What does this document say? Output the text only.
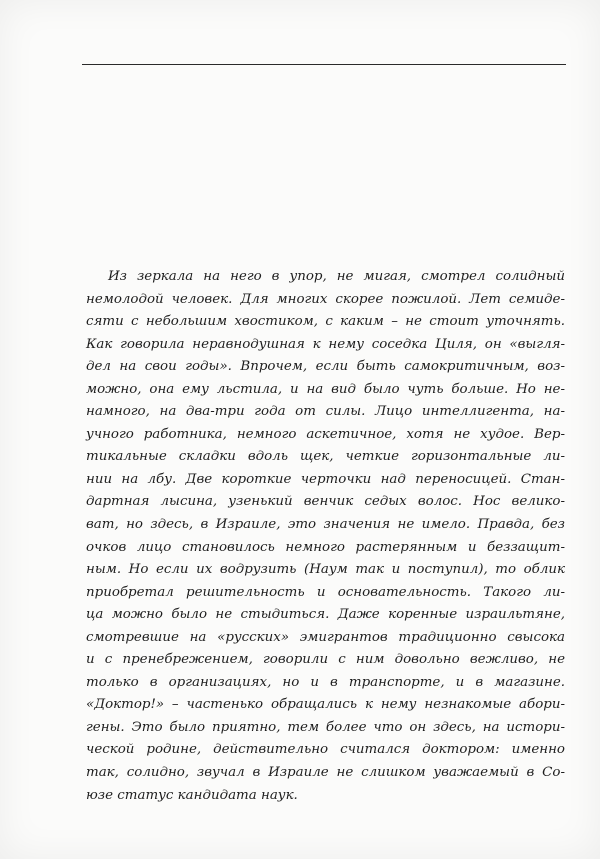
Из зеркала на него в упор, не мигая, смотрел солидный
немолодой человек. Для многих скорее пожилой. Лет семиде-
сяти с небольшим хвостиком, с каким – не стоит уточнять.
Как говорила неравнодушная к нему соседка Циля, он «выгля-
дел на свои годы». Впрочем, если быть самокритичным, воз-
можно, она ему льстила, и на вид было чуть больше. Но не-
намного, на два-три года от силы. Лицо интеллигента, на-
учного работника, немного аскетичное, хотя не худое. Вер-
тикальные складки вдоль щек, четкие горизонтальные ли-
нии на лбу. Две короткие черточки над переносицей. Стан-
дартная лысина, узенький венчик седых волос. Нос велико-
ват, но здесь, в Израиле, это значения не имело. Правда, без
очков лицо становилось немного растерянным и беззащит-
ным. Но если их водрузить (Наум так и поступил), то облик
приобретал решительность и основательность. Такого ли-
ца можно было не стыдиться. Даже коренные израильтяне,
смотревшие на «русских» эмигрантов традиционно свысока
и с пренебрежением, говорили с ним довольно вежливо, не
только в организациях, но и в транспорте, и в магазине.
«Доктор!» – частенько обращались к нему незнакомые абори-
гены. Это было приятно, тем более что он здесь, на истори-
ческой родине, действительно считался доктором: именно
так, солидно, звучал в Израиле не слишком уважаемый в Со-
юзе статус кандидата наук.
